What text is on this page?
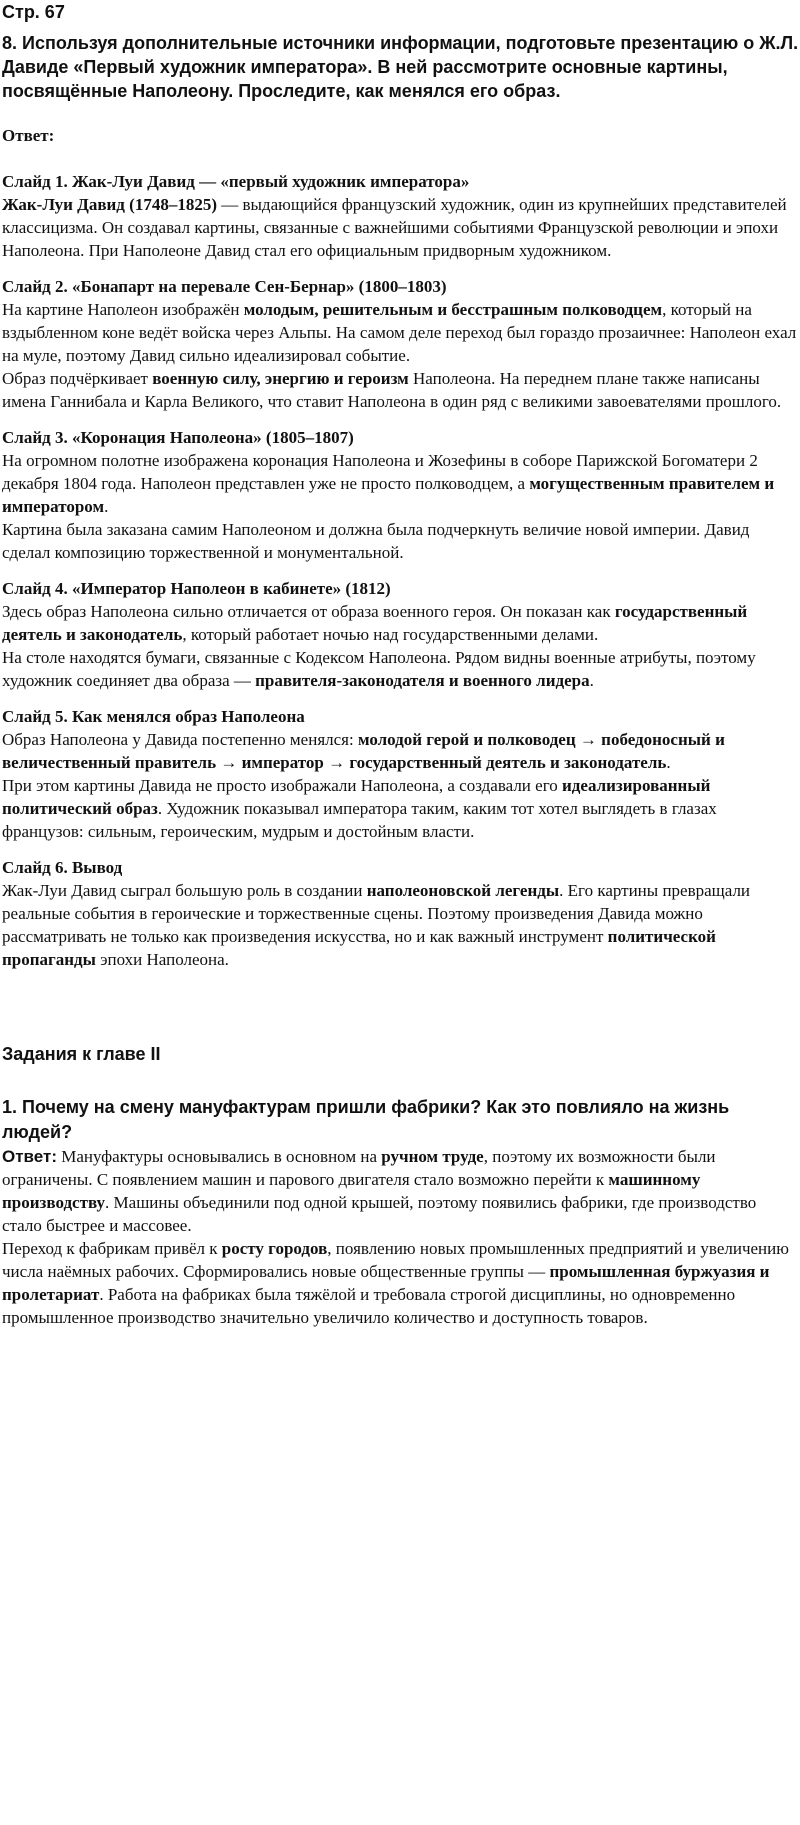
Стр. 67
8. Используя дополнительные источники информации, подготовьте презентацию о Ж.Л. Давиде «Первый художник императора». В ней рассмотрите основные картины, посвящённые Наполеону. Проследите, как менялся его образ.
Ответ:
Слайд 1. Жак-Луи Давид — «первый художник императора»

Жак-Луи Давид (1748–1825) — выдающийся французский художник, один из крупнейших представителей классицизма. Он создавал картины, связанные с важнейшими событиями Французской революции и эпохи Наполеона. При Наполеоне Давид стал его официальным придворным художником.

Слайд 2. «Бонапарт на перевале Сен-Бернар» (1800–1803)

На картине Наполеон изображён молодым, решительным и бесстрашным полководцем, который на вздыбленном коне ведёт войска через Альпы. На самом деле переход был гораздо прозаичнее: Наполеон ехал на муле, поэтому Давид сильно идеализировал событие.

Образ подчёркивает военную силу, энергию и героизм Наполеона. На переднем плане также написаны имена Ганнибала и Карла Великого, что ставит Наполеона в один ряд с великими завоевателями прошлого.

Слайд 3. «Коронация Наполеона» (1805–1807)

На огромном полотне изображена коронация Наполеона и Жозефины в соборе Парижской Богоматери 2 декабря 1804 года. Наполеон представлен уже не просто полководцем, а могущественным правителем и императором.

Картина была заказана самим Наполеоном и должна была подчеркнуть величие новой империи. Давид сделал композицию торжественной и монументальной.

Слайд 4. «Император Наполеон в кабинете» (1812)

Здесь образ Наполеона сильно отличается от образа военного героя. Он показан как государственный деятель и законодатель, который работает ночью над государственными делами.

На столе находятся бумаги, связанные с Кодексом Наполеона. Рядом видны военные атрибуты, поэтому художник соединяет два образа — правителя-законодателя и военного лидера.

Слайд 5. Как менялся образ Наполеона

Образ Наполеона у Давида постепенно менялся: молодой герой и полководец → победоносный и величественный правитель → император → государственный деятель и законодатель.

При этом картины Давида не просто изображали Наполеона, а создавали его идеализированный политический образ. Художник показывал императора таким, каким тот хотел выглядеть в глазах французов: сильным, героическим, мудрым и достойным власти.

Слайд 6. Вывод

Жак-Луи Давид сыграл большую роль в создании наполеоновской легенды. Его картины превращали реальные события в героические и торжественные сцены. Поэтому произведения Давида можно рассматривать не только как произведения искусства, но и как важный инструмент политической пропаганды эпохи Наполеона.

Задания к главе II
1. Почему на смену мануфактурам пришли фабрики? Как это повлияло на жизнь людей?

Ответ: Мануфактуры основывались в основном на ручном труде, поэтому их возможности были ограничены. С появлением машин и парового двигателя стало возможно перейти к машинному производству. Машины объединили под одной крышей, поэтому появились фабрики, где производство стало быстрее и массовее.

Переход к фабрикам привёл к росту городов, появлению новых промышленных предприятий и увеличению числа наёмных рабочих. Сформировались новые общественные группы — промышленная буржуазия и пролетариат. Работа на фабриках была тяжёлой и требовала строгой дисциплины, но одновременно промышленное производство значительно увеличило количество и доступность товаров.
